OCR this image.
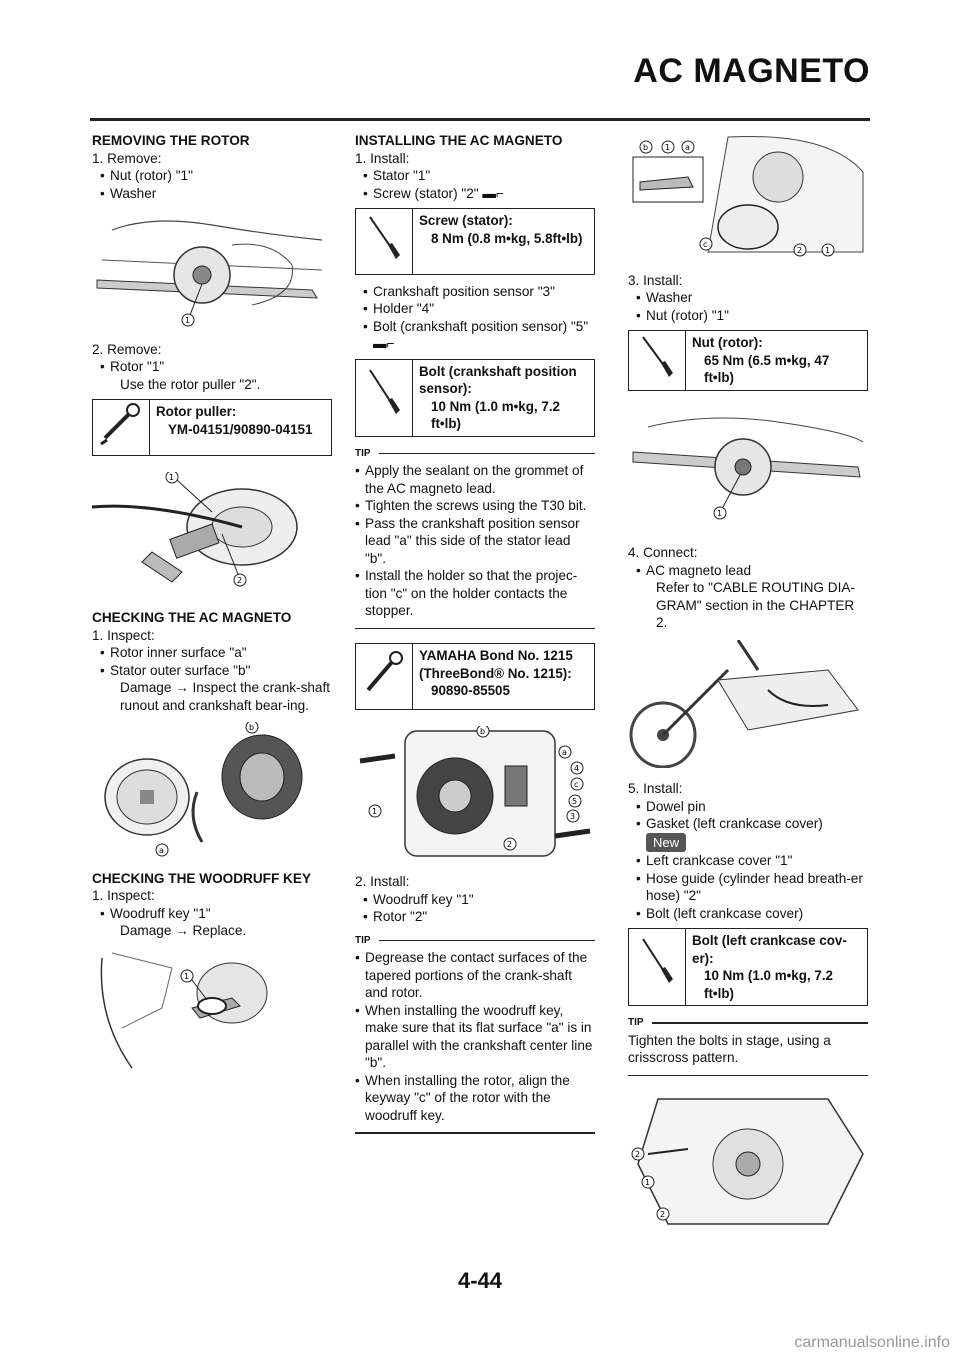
AC MAGNETO

REMOVING THE ROTOR

1. Remove:

• Nut (rotor) "1"

• Washer

1

2. Remove:

• Rotor "1"

Use the rotor puller "2".

Rotor puller:
YM-04151/90890-04151
1
2

CHECKING THE AC MAGNETO

1. Inspect:

• Rotor inner surface "a"

• Stator outer surface "b"

Damage → Inspect the crank-shaft runout and crankshaft bear-ing.

b
a

CHECKING THE WOODRUFF KEY

1. Inspect:

• Woodruff key "1"

Damage → Replace.

1

INSTALLING THE AC MAGNETO

1. Install:

• Stator "1"

• Screw (stator) "2" ▬⌐

Screw (stator):
8 Nm (0.8 m•kg, 5.8ft•lb)

• Crankshaft position sensor "3"

• Holder "4"

• Bolt (crankshaft position sensor) "5" ▬⌐

Bolt (crankshaft position sensor):
10 Nm (1.0 m•kg, 7.2 ft•lb)
TIP

• Apply the sealant on the grommet of the AC magneto lead.

• Tighten the screws using the T30 bit.

• Pass the crankshaft position sensor lead "a" this side of the stator lead "b".

• Install the holder so that the projec-tion "c" on the holder contacts the stopper.

YAMAHA Bond No. 1215 (ThreeBond® No. 1215):
90890-85505
b
a
4
c
5
3
1
2

2. Install:

• Woodruff key "1"

• Rotor "2"

TIP

• Degrease the contact surfaces of the tapered portions of the crank-shaft and rotor.

• When installing the woodruff key, make sure that its flat surface "a" is in parallel with the crankshaft center line "b".

• When installing the rotor, align the keyway "c" of the rotor with the woodruff key.

b 1 a
c
2	1

3. Install:

• Washer

• Nut (rotor) "1"

Nut (rotor):
65 Nm (6.5 m•kg, 47 ft•lb)
1

4. Connect:

• AC magneto lead

Refer to "CABLE ROUTING DIA-GRAM" section in the CHAPTER 2.

5. Install:

• Dowel pin

• Gasket (left crankcase cover)

New

• Left crankcase cover "1"

• Hose guide (cylinder head breath-er hose) "2"

• Bolt (left crankcase cover)

Bolt (left crankcase cov-er):
10 Nm (1.0 m•kg, 7.2 ft•lb)
TIP

Tighten the bolts in stage, using a crisscross pattern.

2
1
2
4-44
carmanualsonline.info
